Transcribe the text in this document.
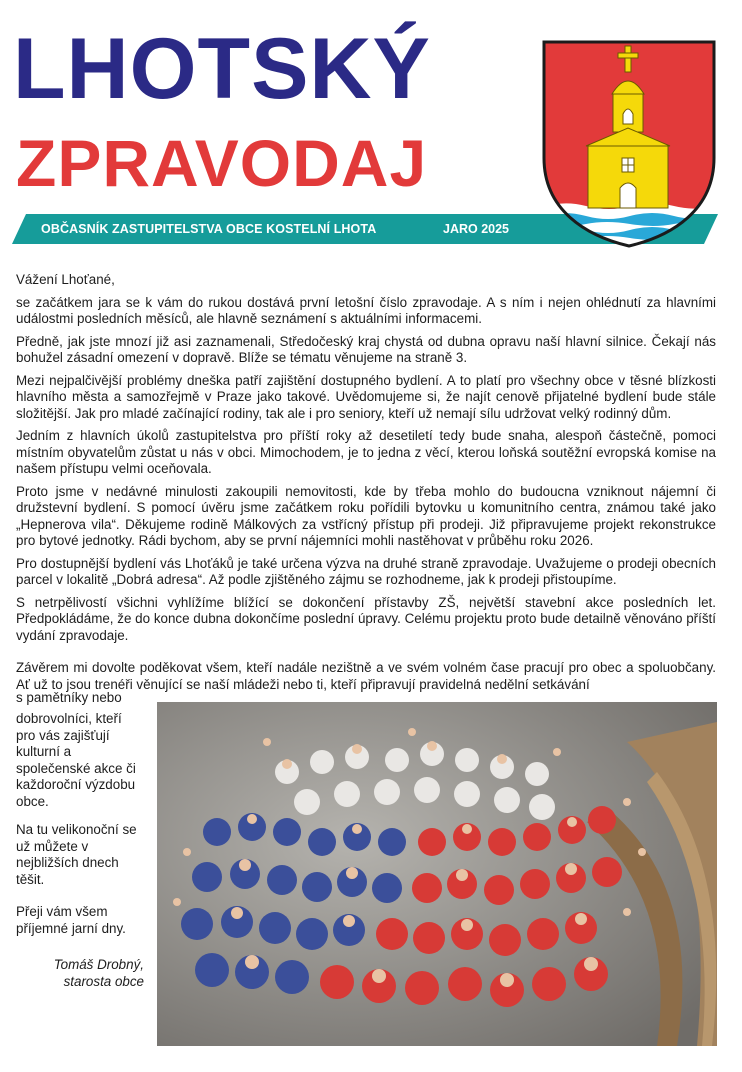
LHOTSKÝ
ZPRAVODAJ
OBČASNÍK ZASTUPITELSTVA OBCE KOSTELNÍ LHOTA	JARO 2025

Vážení Lhoťané,

se začátkem jara se k vám do rukou dostává první letošní číslo zpravodaje. A s ním i nejen ohlédnutí za hlavními událostmi posledních měsíců, ale hlavně seznámení s aktuálními informacemi.

Předně, jak jste mnozí již asi zaznamenali, Středočeský kraj chystá od dubna opravu naší hlavní silnice. Čekají nás bohužel zásadní omezení v dopravě. Blíže se tématu věnujeme na straně 3.

Mezi nejpalčivější problémy dneška patří zajištění dostupného bydlení. A to platí pro všechny obce v těsné blízkosti hlavního města a samozřejmě v Praze jako takové. Uvědomujeme si, že najít cenově přijatelné bydlení bude stále složitější. Jak pro mladé začínající rodiny, tak ale i pro seniory, kteří už nemají sílu udržovat velký rodinný dům.

Jedním z hlavních úkolů zastupitelstva pro příští roky až desetiletí tedy bude snaha, alespoň částečně, pomoci místním obyvatelům zůstat u nás v obci. Mimochodem, je to jedna z věcí, kterou loňská soutěžní evropská komise na našem přístupu velmi oceňovala.

Proto jsme v nedávné minulosti zakoupili nemovitosti, kde by třeba mohlo do budoucna vzniknout nájemní či družstevní bydlení. S pomocí úvěru jsme začátkem roku pořídili bytovku u komunitního centra, známou také jako „Hepnerova vila“. Děkujeme rodině Málkových za vstřícný přístup při prodeji. Již připravujeme projekt rekonstrukce pro bytové jednotky. Rádi bychom, aby se první nájemníci mohli nastěhovat v průběhu roku 2026.

Pro dostupnější bydlení vás Lhoťáků je také určena výzva na druhé straně zpravodaje. Uvažujeme o prodeji obecních parcel v lokalitě „Dobrá adresa“. Až podle zjištěného zájmu se rozhodneme, jak k prodeji přistoupíme.

S netrpělivostí všichni vyhlížíme blížící se dokončení přístavby ZŠ, největší stavební akce posledních let. Předpokládáme, že do konce dubna dokončíme poslední úpravy. Celému projektu proto bude detailně věnováno příští vydání zpravodaje.

Závěrem mi dovolte poděkovat všem, kteří nadále nezištně a ve svém volném čase pracují pro obec a spoluobčany. Ať už to jsou trenéři věnující se naší mládeži nebo ti, kteří připravují pravidelná nedělní setkávání
s pamětníky nebo

dobrovolníci, kteří pro vás zajišťují kulturní a společenské akce či každoroční výzdobu obce.

Na tu velikonoční se už můžete v nejbližších dnech těšit.

Přeji vám všem příjemné jarní dny.

Tomáš Drobný,
starosta obce
